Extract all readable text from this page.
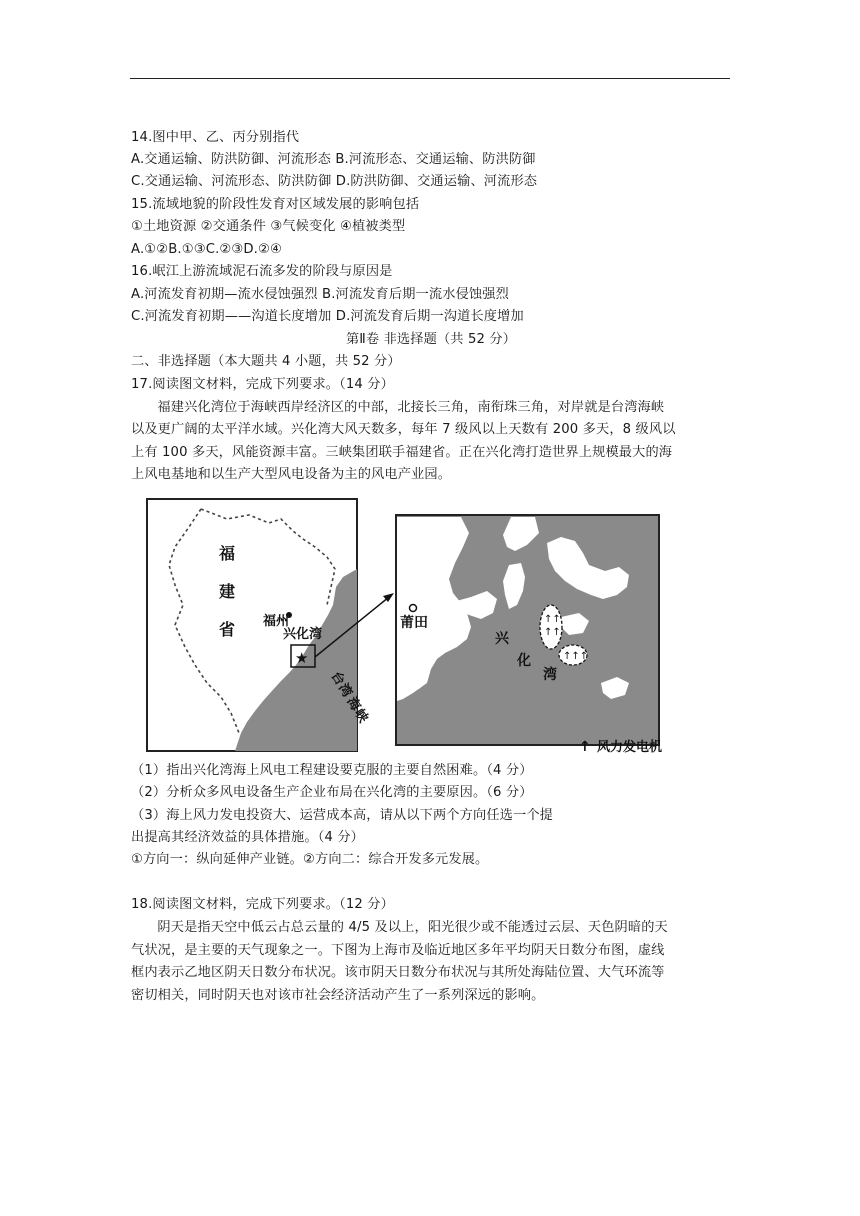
14.图中甲、乙、丙分别指代
A.交通运输、防洪防御、河流形态 B.河流形态、交通运输、防洪防御
C.交通运输、河流形态、防洪防御 D.防洪防御、交通运输、河流形态
15.流域地貌的阶段性发育对区域发展的影响包括
①土地资源 ②交通条件 ③气候变化 ④植被类型
A.①②B.①③C.②③D.②④
16.岷江上游流域泥石流多发的阶段与原因是
A.河流发育初期—流水侵蚀强烈 B.河流发育后期一流水侵蚀强烈
C.河流发育初期——沟道长度增加 D.河流发育后期一沟道长度增加
第Ⅱ卷 非选择题（共 52 分）
二、非选择题（本大题共 4 小题，共 52 分）
17.阅读图文材料，完成下列要求。（14 分）
福建兴化湾位于海峡西岸经济区的中部，北接长三角，南衔珠三角，对岸就是台湾海峡
以及更广阔的太平洋水域。兴化湾大风天数多，每年 7 级风以上天数有 200 多天，8 级风以
上有 100 多天，风能资源丰富。三峡集团联手福建省。正在兴化湾打造世界上规模最大的海
上风电基地和以生产大型风电设备为主的风电产业园。
福
建
省 福州
兴化湾
★
台
湾
海
峡
莆田
兴
化
湾
↑↑
↑↑
↑↑↑
↑ 风力发电机
（1）指出兴化湾海上风电工程建设要克服的主要自然困难。（4 分）
（2）分析众多风电设备生产企业布局在兴化湾的主要原因。（6 分）
（3）海上风力发电投资大、运营成本高，请从以下两个方向任选一个提
出提高其经济效益的具体措施。（4 分）
①方向一：纵向延伸产业链。②方向二：综合开发多元发展。
18.阅读图文材料，完成下列要求。（12 分）
阴天是指天空中低云占总云量的 4/5 及以上，阳光很少或不能透过云层、天色阴暗的天
气状况，是主要的天气现象之一。下图为上海市及临近地区多年平均阴天日数分布图，虚线
框内表示乙地区阴天日数分布状况。该市阴天日数分布状况与其所处海陆位置、大气环流等
密切相关，同时阴天也对该市社会经济活动产生了一系列深远的影响。
